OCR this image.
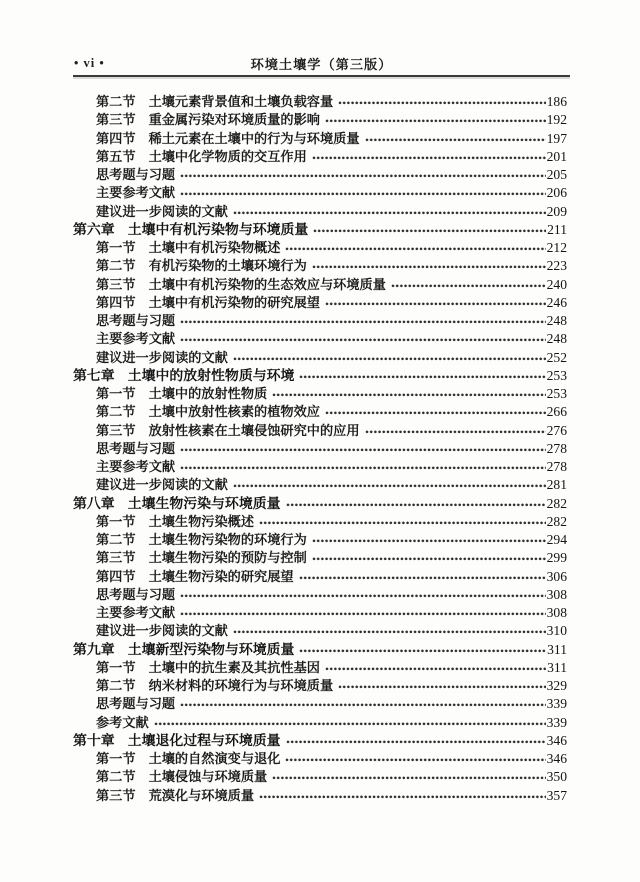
• vi •	环境土壤学（第三版）
第二节 土壤元素背景值和土壤负载容量	186
第三节 重金属污染对环境质量的影响	192
第四节 稀土元素在土壤中的行为与环境质量	197
第五节 土壤中化学物质的交互作用	201
思考题与习题	205
主要参考文献	206
建议进一步阅读的文献	209
第六章 土壤中有机污染物与环境质量	211
第一节 土壤中有机污染物概述	212
第二节 有机污染物的土壤环境行为	223
第三节 土壤中有机污染物的生态效应与环境质量	240
第四节 土壤中有机污染物的研究展望	246
思考题与习题	248
主要参考文献	248
建议进一步阅读的文献	252
第七章 土壤中的放射性物质与环境	253
第一节 土壤中的放射性物质	253
第二节 土壤中放射性核素的植物效应	266
第三节 放射性核素在土壤侵蚀研究中的应用	276
思考题与习题	278
主要参考文献	278
建议进一步阅读的文献	281
第八章 土壤生物污染与环境质量	282
第一节 土壤生物污染概述	282
第二节 土壤生物污染物的环境行为	294
第三节 土壤生物污染的预防与控制	299
第四节 土壤生物污染的研究展望	306
思考题与习题	308
主要参考文献	308
建议进一步阅读的文献	310
第九章 土壤新型污染物与环境质量	311
第一节 土壤中的抗生素及其抗性基因	311
第二节 纳米材料的环境行为与环境质量	329
思考题与习题	339
参考文献	339
第十章 土壤退化过程与环境质量	346
第一节 土壤的自然演变与退化	346
第二节 土壤侵蚀与环境质量	350
第三节 荒漠化与环境质量	357
